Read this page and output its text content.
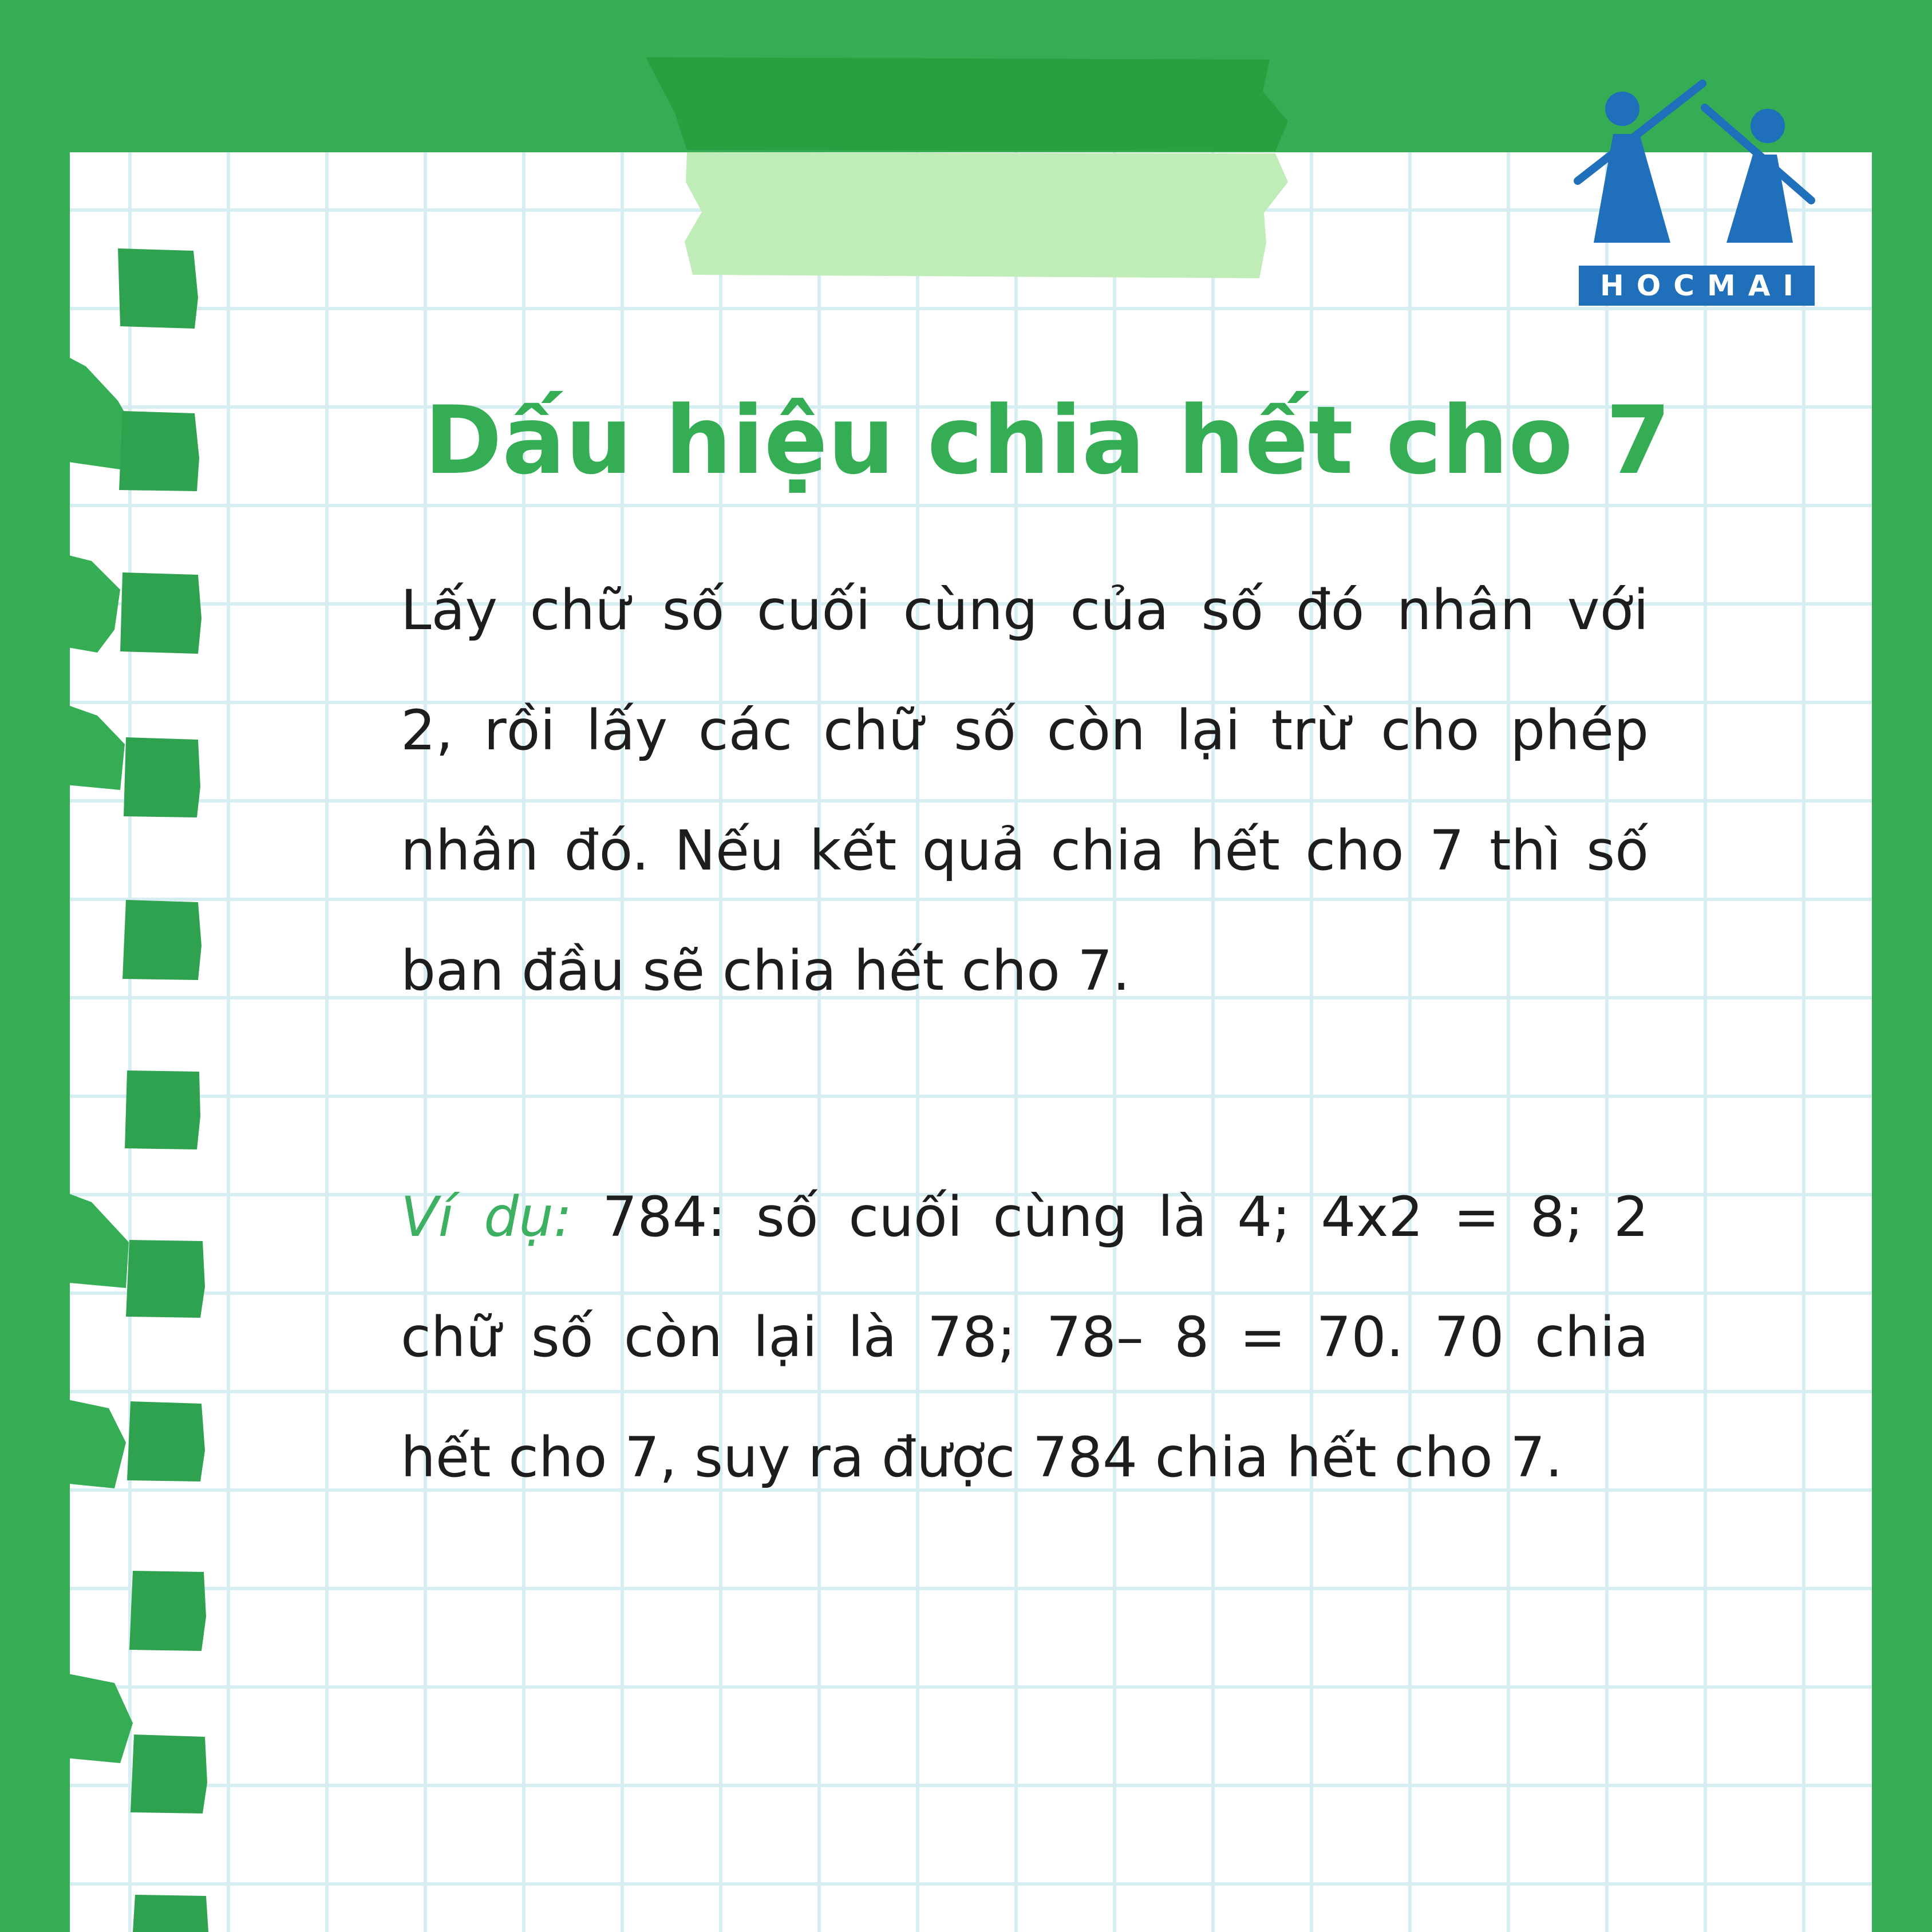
HOCMAI
Dấu hiệu chia hết cho 7

Lấy chữ số cuối cùng của số đó nhân với

2, rồi lấy các chữ số còn lại trừ cho phép

nhân đó. Nếu kết quả chia hết cho 7 thì số

ban đầu sẽ chia hết cho 7.

Ví dụ: 784: số cuối cùng là 4; 4x2 = 8; 2

chữ số còn lại là 78; 78– 8 = 70. 70 chia

hết cho 7, suy ra được 784 chia hết cho 7.
